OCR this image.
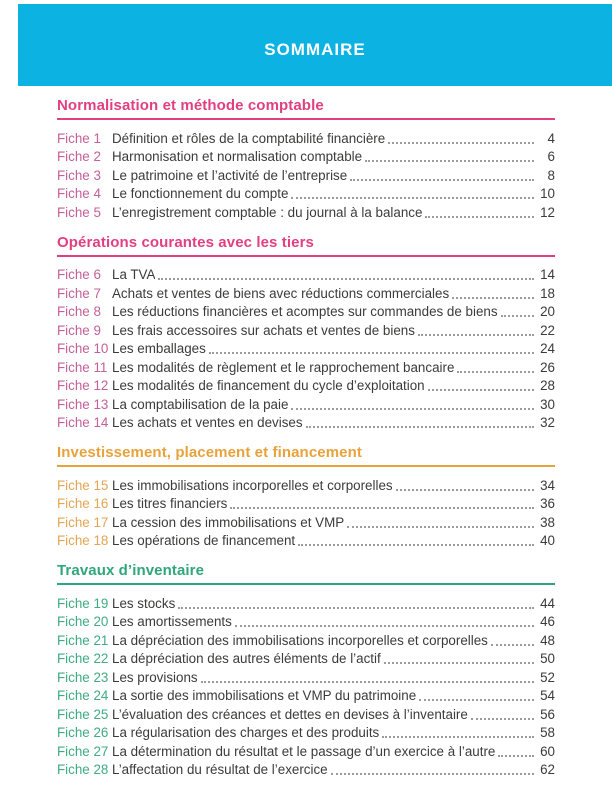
SOMMAIRE
Normalisation et méthode comptable
Fiche 1 Définition et rôles de la comptabilité financière	4
Fiche 2 Harmonisation et normalisation comptable	6
Fiche 3 Le patrimoine et l’activité de l’entreprise	8
Fiche 4 Le fonctionnement du compte	10
Fiche 5 L’enregistrement comptable : du journal à la balance	12
Opérations courantes avec les tiers
Fiche 6 La TVA	14
Fiche 7 Achats et ventes de biens avec réductions commerciales	18
Fiche 8 Les réductions financières et acomptes sur commandes de biens	20
Fiche 9 Les frais accessoires sur achats et ventes de biens	22
Fiche 10 Les emballages	24
Fiche 11 Les modalités de règlement et le rapprochement bancaire	26
Fiche 12 Les modalités de financement du cycle d’exploitation	28
Fiche 13 La comptabilisation de la paie	30
Fiche 14 Les achats et ventes en devises	32
Investissement, placement et financement
Fiche 15 Les immobilisations incorporelles et corporelles	34
Fiche 16 Les titres financiers	36
Fiche 17 La cession des immobilisations et VMP	38
Fiche 18 Les opérations de financement	40
Travaux d’inventaire
Fiche 19 Les stocks	44
Fiche 20 Les amortissements	46
Fiche 21 La dépréciation des immobilisations incorporelles et corporelles	48
Fiche 22 La dépréciation des autres éléments de l’actif	50
Fiche 23 Les provisions	52
Fiche 24 La sortie des immobilisations et VMP du patrimoine	54
Fiche 25 L’évaluation des créances et dettes en devises à l’inventaire	56
Fiche 26 La régularisation des charges et des produits	58
Fiche 27 La détermination du résultat et le passage d’un exercice à l’autre	60
Fiche 28 L’affectation du résultat de l’exercice	62
